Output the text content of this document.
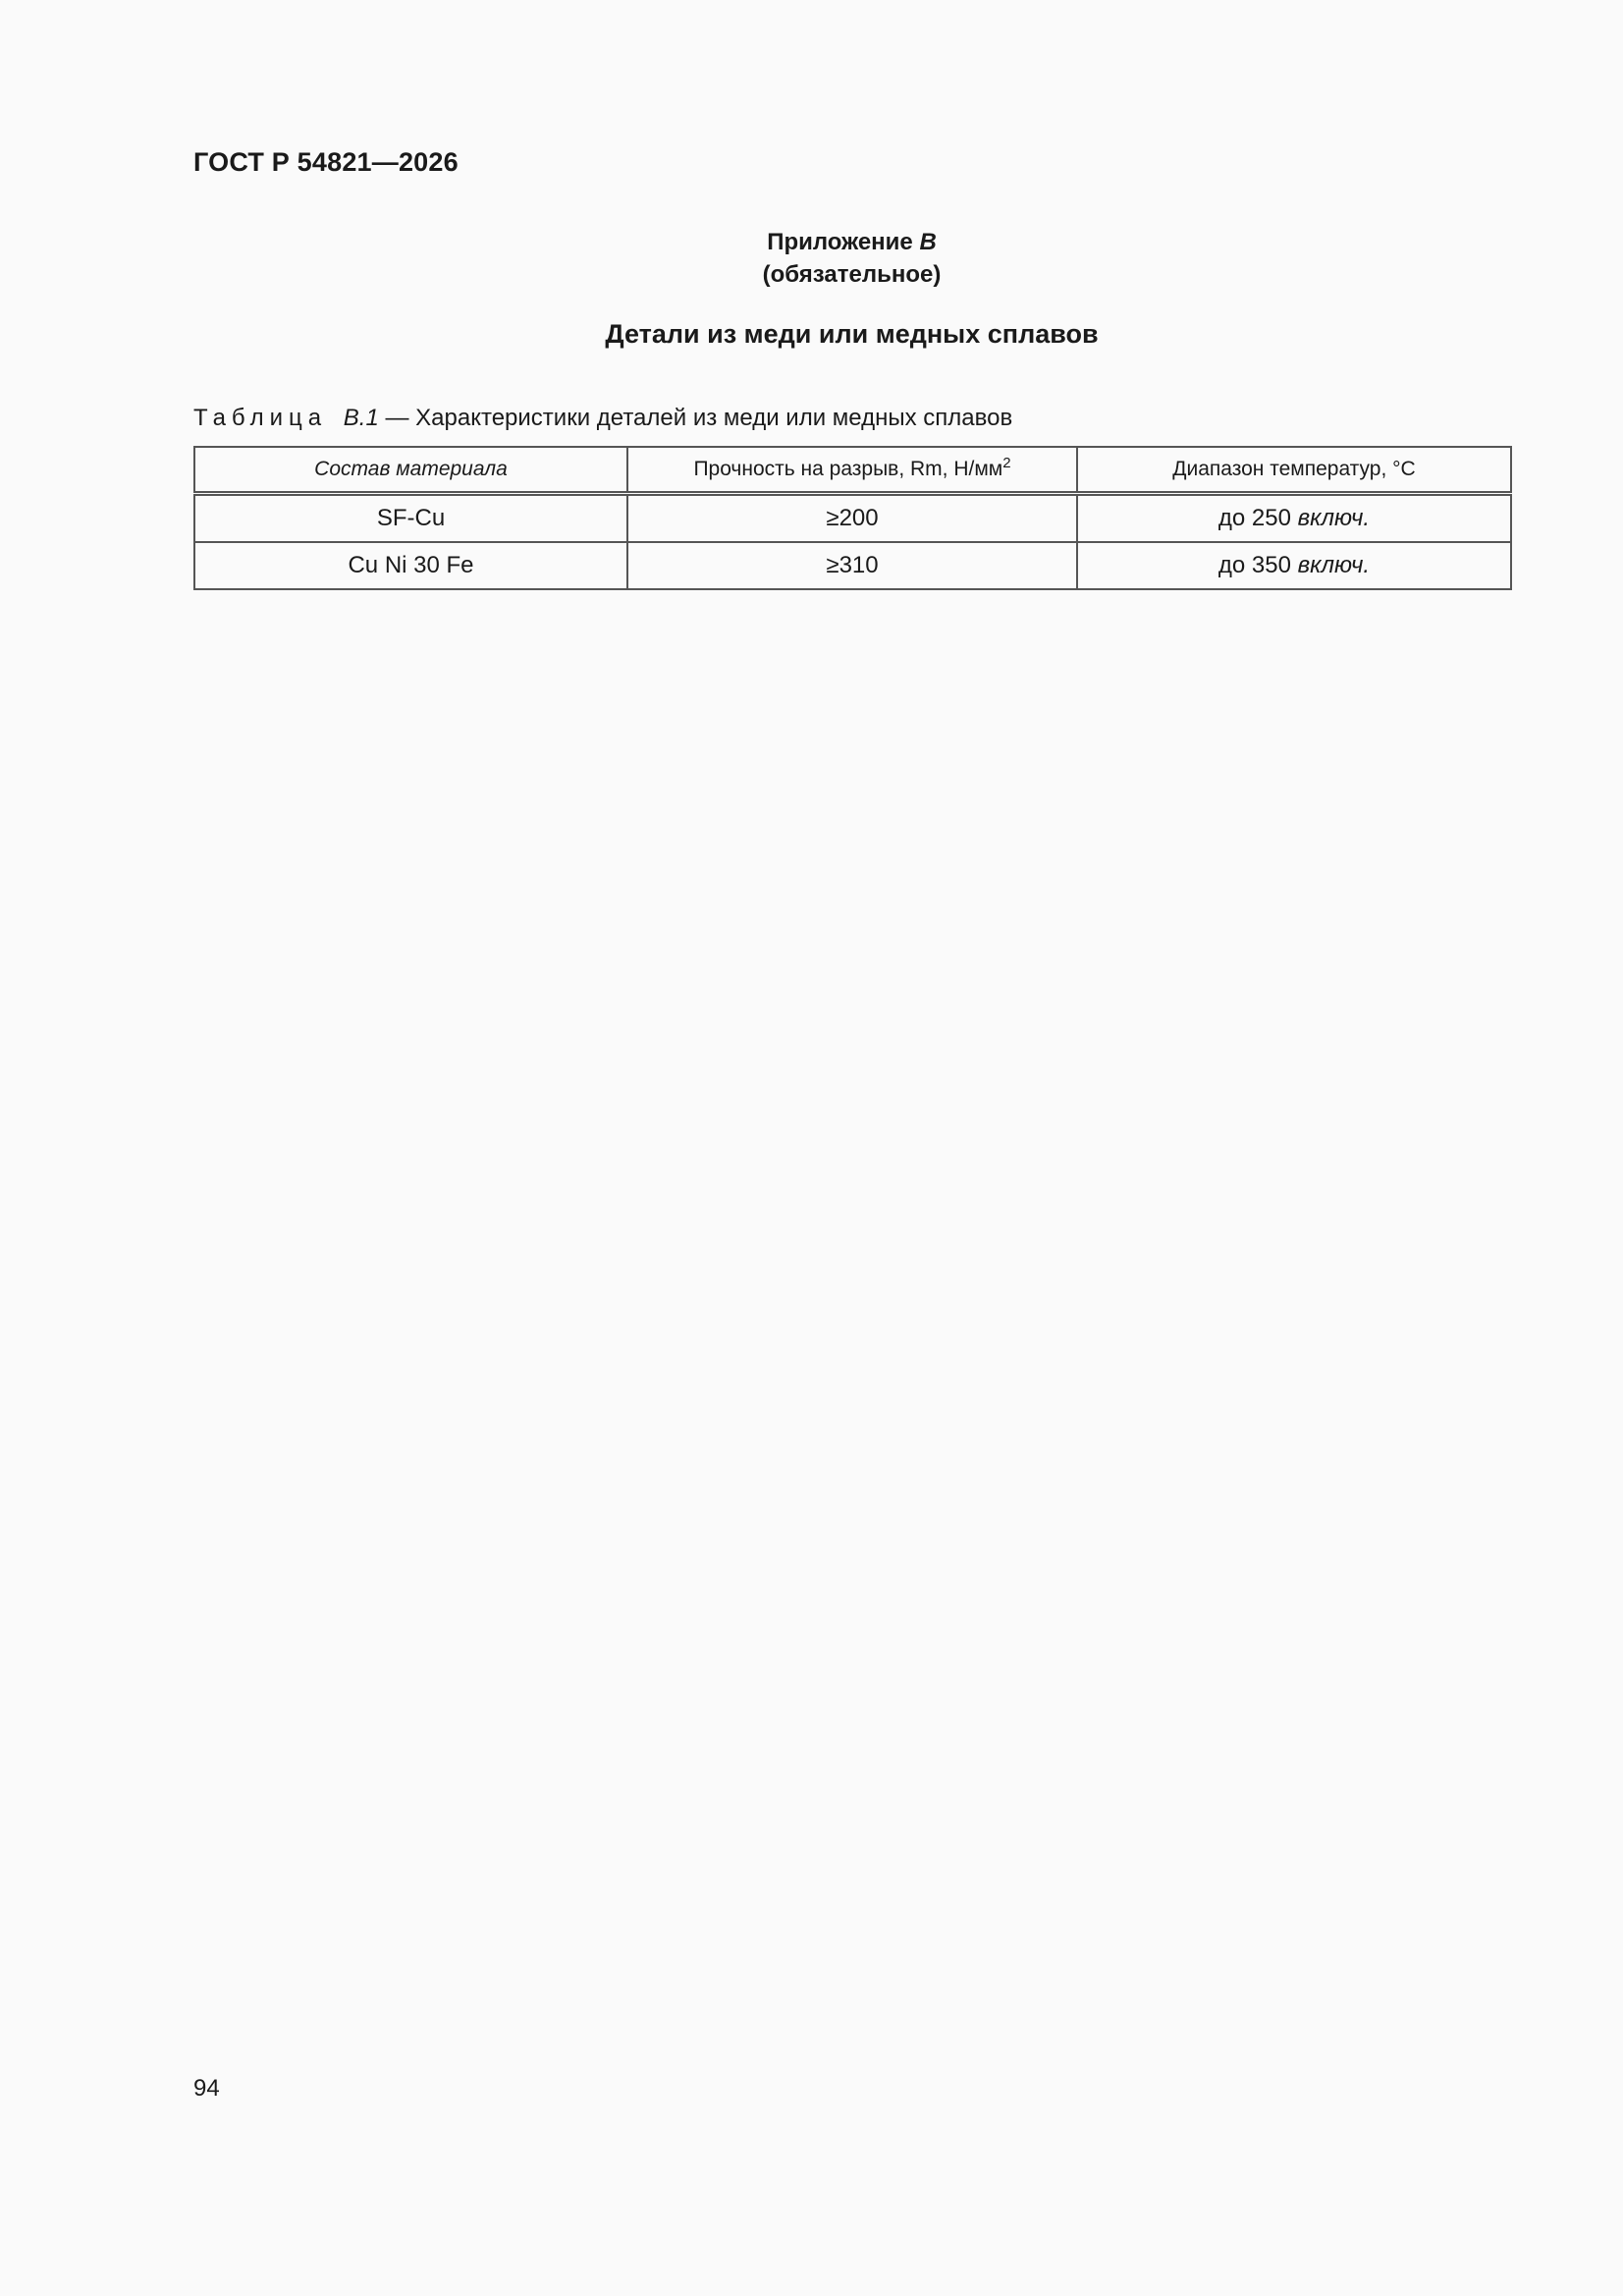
ГОСТ Р 54821—2026
Приложение В
(обязательное)
Детали из меди или медных сплавов
Таблица В.1 — Характеристики деталей из меди или медных сплавов
Состав материала	Прочность на разрыв, Rm, $Н/мм^2$	Диапазон температур, °С
SF-Cu	≥200	до 250 включ.
Cu Ni 30 Fe	≥310	до 350 включ.
94
